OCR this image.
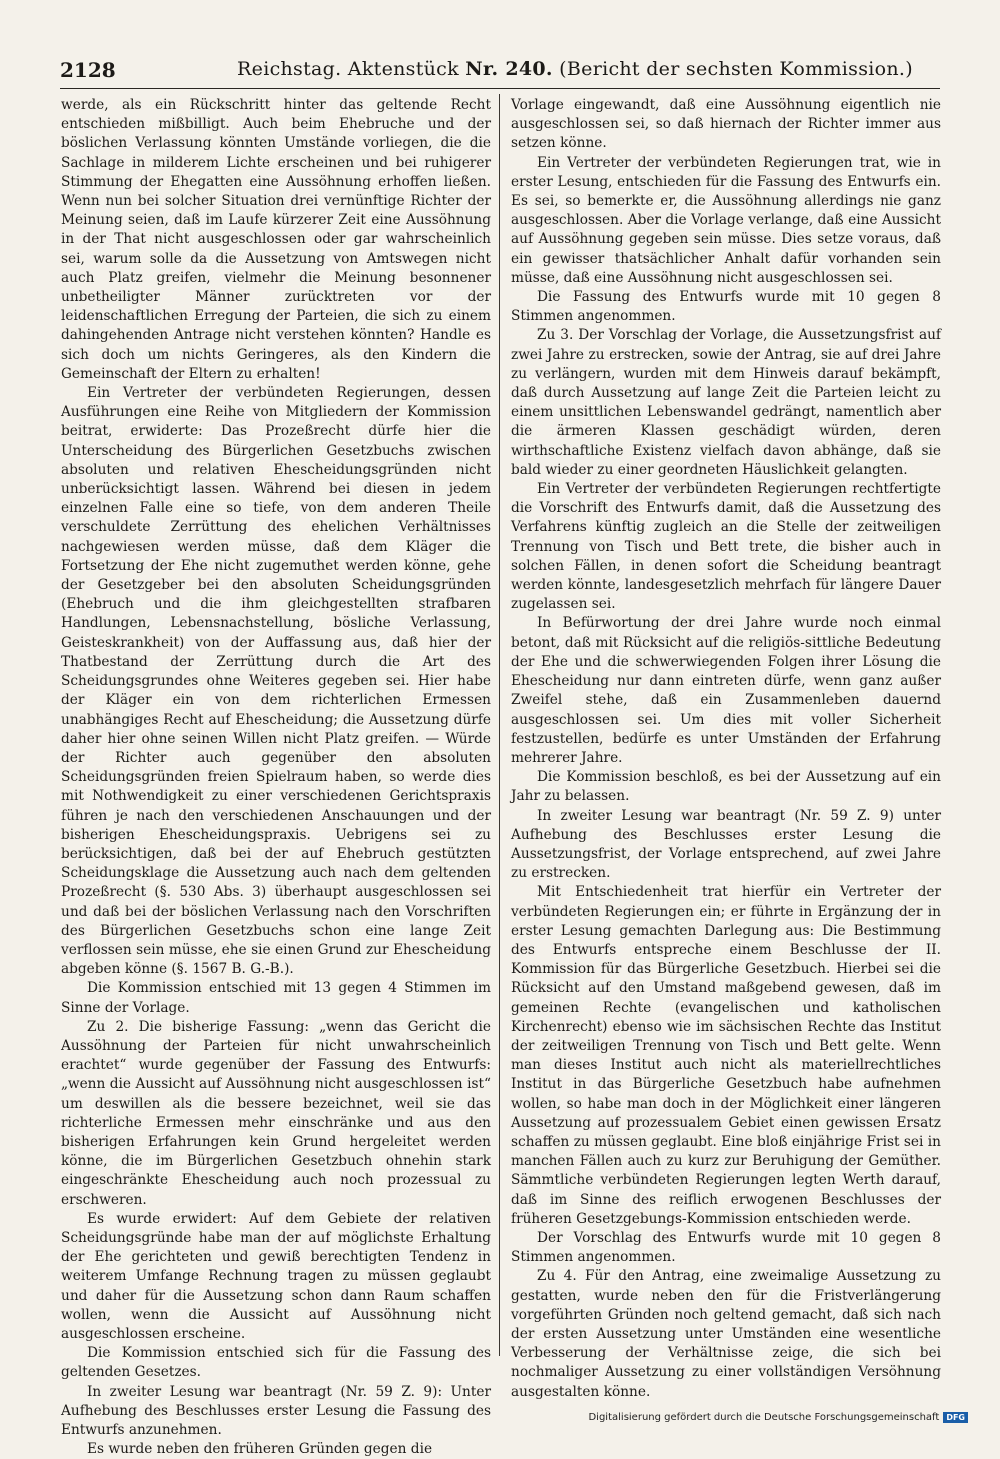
2128	Reichstag. Aktenstück Nr. 240. (Bericht der sechsten Kommission.)

werde, als ein Rückschritt hinter das geltende Recht entschieden mißbilligt. Auch beim Ehebruche und der böslichen Verlassung könnten Umstände vorliegen, die die Sachlage in milderem Lichte erscheinen und bei ruhigerer Stimmung der Ehegatten eine Aussöhnung erhoffen ließen. Wenn nun bei solcher Situation drei vernünftige Richter der Meinung seien, daß im Laufe kürzerer Zeit eine Aussöhnung in der That nicht ausgeschlossen oder gar wahrscheinlich sei, warum solle da die Aussetzung von Amtswegen nicht auch Platz greifen, vielmehr die Meinung besonnener unbetheiligter Männer zurücktreten vor der leidenschaftlichen Erregung der Parteien, die sich zu einem dahingehenden Antrage nicht verstehen könnten? Handle es sich doch um nichts Geringeres, als den Kindern die Gemeinschaft der Eltern zu erhalten!

Ein Vertreter der verbündeten Regierungen, dessen Ausführungen eine Reihe von Mitgliedern der Kommission beitrat, erwiderte: Das Prozeßrecht dürfe hier die Unterscheidung des Bürgerlichen Gesetzbuchs zwischen absoluten und relativen Ehescheidungsgründen nicht unberücksichtigt lassen. Während bei diesen in jedem einzelnen Falle eine so tiefe, von dem anderen Theile verschuldete Zerrüttung des ehelichen Verhältnisses nachgewiesen werden müsse, daß dem Kläger die Fortsetzung der Ehe nicht zugemuthet werden könne, gehe der Gesetzgeber bei den absoluten Scheidungsgründen (Ehebruch und die ihm gleichgestellten strafbaren Handlungen, Lebensnachstellung, bösliche Verlassung, Geisteskrankheit) von der Auffassung aus, daß hier der Thatbestand der Zerrüttung durch die Art des Scheidungsgrundes ohne Weiteres gegeben sei. Hier habe der Kläger ein von dem richterlichen Ermessen unabhängiges Recht auf Ehescheidung; die Aussetzung dürfe daher hier ohne seinen Willen nicht Platz greifen. — Würde der Richter auch gegenüber den absoluten Scheidungsgründen freien Spielraum haben, so werde dies mit Nothwendigkeit zu einer verschiedenen Gerichtspraxis führen je nach den verschiedenen Anschauungen und der bisherigen Ehescheidungspraxis. Uebrigens sei zu berücksichtigen, daß bei der auf Ehebruch gestützten Scheidungsklage die Aussetzung auch nach dem geltenden Prozeßrecht (§. 530 Abs. 3) überhaupt ausgeschlossen sei und daß bei der böslichen Verlassung nach den Vorschriften des Bürgerlichen Gesetzbuchs schon eine lange Zeit verflossen sein müsse, ehe sie einen Grund zur Ehescheidung abgeben könne (§. 1567 B. G.-B.).

Die Kommission entschied mit 13 gegen 4 Stimmen im Sinne der Vorlage.

Zu 2. Die bisherige Fassung: „wenn das Gericht die Aussöhnung der Parteien für nicht unwahrscheinlich erachtet“ wurde gegenüber der Fassung des Entwurfs: „wenn die Aussicht auf Aussöhnung nicht ausgeschlossen ist“ um deswillen als die bessere bezeichnet, weil sie das richterliche Ermessen mehr einschränke und aus den bisherigen Erfahrungen kein Grund hergeleitet werden könne, die im Bürgerlichen Gesetzbuch ohnehin stark eingeschränkte Ehescheidung auch noch prozessual zu erschweren.

Es wurde erwidert: Auf dem Gebiete der relativen Scheidungsgründe habe man der auf möglichste Erhaltung der Ehe gerichteten und gewiß berechtigten Tendenz in weiterem Umfange Rechnung tragen zu müssen geglaubt und daher für die Aussetzung schon dann Raum schaffen wollen, wenn die Aussicht auf Aussöhnung nicht ausgeschlossen erscheine.

Die Kommission entschied sich für die Fassung des geltenden Gesetzes.

In zweiter Lesung war beantragt (Nr. 59 Z. 9): Unter Aufhebung des Beschlusses erster Lesung die Fassung des Entwurfs anzunehmen.

Es wurde neben den früheren Gründen gegen die

Vorlage eingewandt, daß eine Aussöhnung eigentlich nie ausgeschlossen sei, so daß hiernach der Richter immer aus setzen könne.

Ein Vertreter der verbündeten Regierungen trat, wie in erster Lesung, entschieden für die Fassung des Entwurfs ein. Es sei, so bemerkte er, die Aussöhnung allerdings nie ganz ausgeschlossen. Aber die Vorlage verlange, daß eine Aussicht auf Aussöhnung gegeben sein müsse. Dies setze voraus, daß ein gewisser thatsächlicher Anhalt dafür vorhanden sein müsse, daß eine Aussöhnung nicht ausgeschlossen sei.

Die Fassung des Entwurfs wurde mit 10 gegen 8 Stimmen angenommen.

Zu 3. Der Vorschlag der Vorlage, die Aussetzungsfrist auf zwei Jahre zu erstrecken, sowie der Antrag, sie auf drei Jahre zu verlängern, wurden mit dem Hinweis darauf bekämpft, daß durch Aussetzung auf lange Zeit die Parteien leicht zu einem unsittlichen Lebenswandel gedrängt, namentlich aber die ärmeren Klassen geschädigt würden, deren wirthschaftliche Existenz vielfach davon abhänge, daß sie bald wieder zu einer geordneten Häuslichkeit gelangten.

Ein Vertreter der verbündeten Regierungen rechtfertigte die Vorschrift des Entwurfs damit, daß die Aussetzung des Verfahrens künftig zugleich an die Stelle der zeitweiligen Trennung von Tisch und Bett trete, die bisher auch in solchen Fällen, in denen sofort die Scheidung beantragt werden könnte, landesgesetzlich mehrfach für längere Dauer zugelassen sei.

In Befürwortung der drei Jahre wurde noch einmal betont, daß mit Rücksicht auf die religiös-sittliche Bedeutung der Ehe und die schwerwiegenden Folgen ihrer Lösung die Ehescheidung nur dann eintreten dürfe, wenn ganz außer Zweifel stehe, daß ein Zusammenleben dauernd ausgeschlossen sei. Um dies mit voller Sicherheit festzustellen, bedürfe es unter Umständen der Erfahrung mehrerer Jahre.

Die Kommission beschloß, es bei der Aussetzung auf ein Jahr zu belassen.

In zweiter Lesung war beantragt (Nr. 59 Z. 9) unter Aufhebung des Beschlusses erster Lesung die Aussetzungsfrist, der Vorlage entsprechend, auf zwei Jahre zu erstrecken.

Mit Entschiedenheit trat hierfür ein Vertreter der verbündeten Regierungen ein; er führte in Ergänzung der in erster Lesung gemachten Darlegung aus: Die Bestimmung des Entwurfs entspreche einem Beschlusse der II. Kommission für das Bürgerliche Gesetzbuch. Hierbei sei die Rücksicht auf den Umstand maßgebend gewesen, daß im gemeinen Rechte (evangelischen und katholischen Kirchenrecht) ebenso wie im sächsischen Rechte das Institut der zeitweiligen Trennung von Tisch und Bett gelte. Wenn man dieses Institut auch nicht als materiellrechtliches Institut in das Bürgerliche Gesetzbuch habe aufnehmen wollen, so habe man doch in der Möglichkeit einer längeren Aussetzung auf prozessualem Gebiet einen gewissen Ersatz schaffen zu müssen geglaubt. Eine bloß einjährige Frist sei in manchen Fällen auch zu kurz zur Beruhigung der Gemüther. Sämmtliche verbündeten Regierungen legten Werth darauf, daß im Sinne des reiflich erwogenen Beschlusses der früheren Gesetzgebungs-Kommission entschieden werde.

Der Vorschlag des Entwurfs wurde mit 10 gegen 8 Stimmen angenommen.

Zu 4. Für den Antrag, eine zweimalige Aussetzung zu gestatten, wurde neben den für die Fristverlängerung vorgeführten Gründen noch geltend gemacht, daß sich nach der ersten Aussetzung unter Umständen eine wesentliche Verbesserung der Verhältnisse zeige, die sich bei nochmaliger Aussetzung zu einer vollständigen Versöhnung ausgestalten könne.

Digitalisierung gefördert durch die Deutsche Forschungsgemeinschaft DFG
